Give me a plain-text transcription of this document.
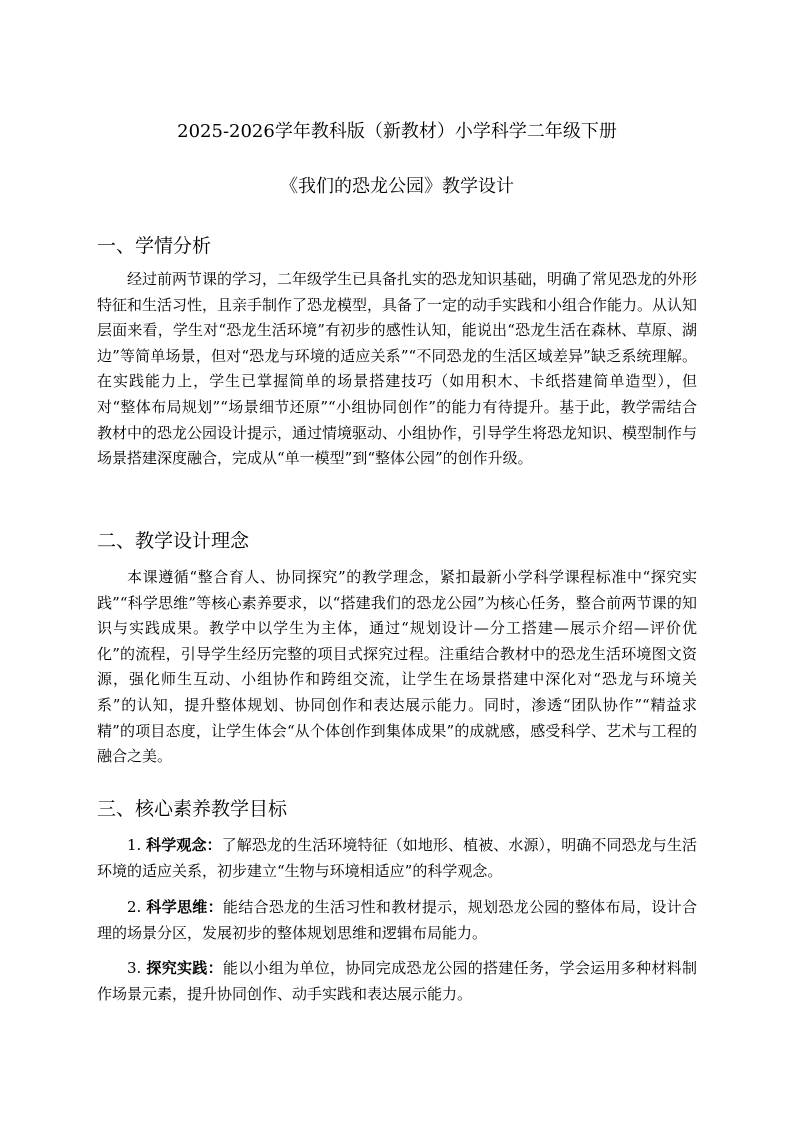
2025-2026学年教科版（新教材）小学科学二年级下册
《我们的恐龙公园》教学设计
一、学情分析
经过前两节课的学习，二年级学生已具备扎实的恐龙知识基础，明确了常见恐龙的外形特征和生活习性，且亲手制作了恐龙模型，具备了一定的动手实践和小组合作能力。从认知层面来看，学生对“恐龙生活环境”有初步的感性认知，能说出“恐龙生活在森林、草原、湖边”等简单场景，但对“恐龙与环境的适应关系”“不同恐龙的生活区域差异”缺乏系统理解。在实践能力上，学生已掌握简单的场景搭建技巧（如用积木、卡纸搭建简单造型），但对“整体布局规划”“场景细节还原”“小组协同创作”的能力有待提升。基于此，教学需结合教材中的恐龙公园设计提示，通过情境驱动、小组协作，引导学生将恐龙知识、模型制作与场景搭建深度融合，完成从“单一模型”到“整体公园”的创作升级。
二、教学设计理念
本课遵循“整合育人、协同探究”的教学理念，紧扣最新小学科学课程标准中“探究实践”“科学思维”等核心素养要求，以“搭建我们的恐龙公园”为核心任务，整合前两节课的知识与实践成果。教学中以学生为主体，通过“规划设计—分工搭建—展示介绍—评价优化”的流程，引导学生经历完整的项目式探究过程。注重结合教材中的恐龙生活环境图文资源，强化师生互动、小组协作和跨组交流，让学生在场景搭建中深化对“恐龙与环境关系”的认知，提升整体规划、协同创作和表达展示能力。同时，渗透“团队协作”“精益求精”的项目态度，让学生体会“从个体创作到集体成果”的成就感，感受科学、艺术与工程的融合之美。
三、核心素养教学目标
1. 科学观念：了解恐龙的生活环境特征（如地形、植被、水源），明确不同恐龙与生活环境的适应关系，初步建立“生物与环境相适应”的科学观念。
2. 科学思维：能结合恐龙的生活习性和教材提示，规划恐龙公园的整体布局，设计合理的场景分区，发展初步的整体规划思维和逻辑布局能力。
3. 探究实践：能以小组为单位，协同完成恐龙公园的搭建任务，学会运用多种材料制作场景元素，提升协同创作、动手实践和表达展示能力。
